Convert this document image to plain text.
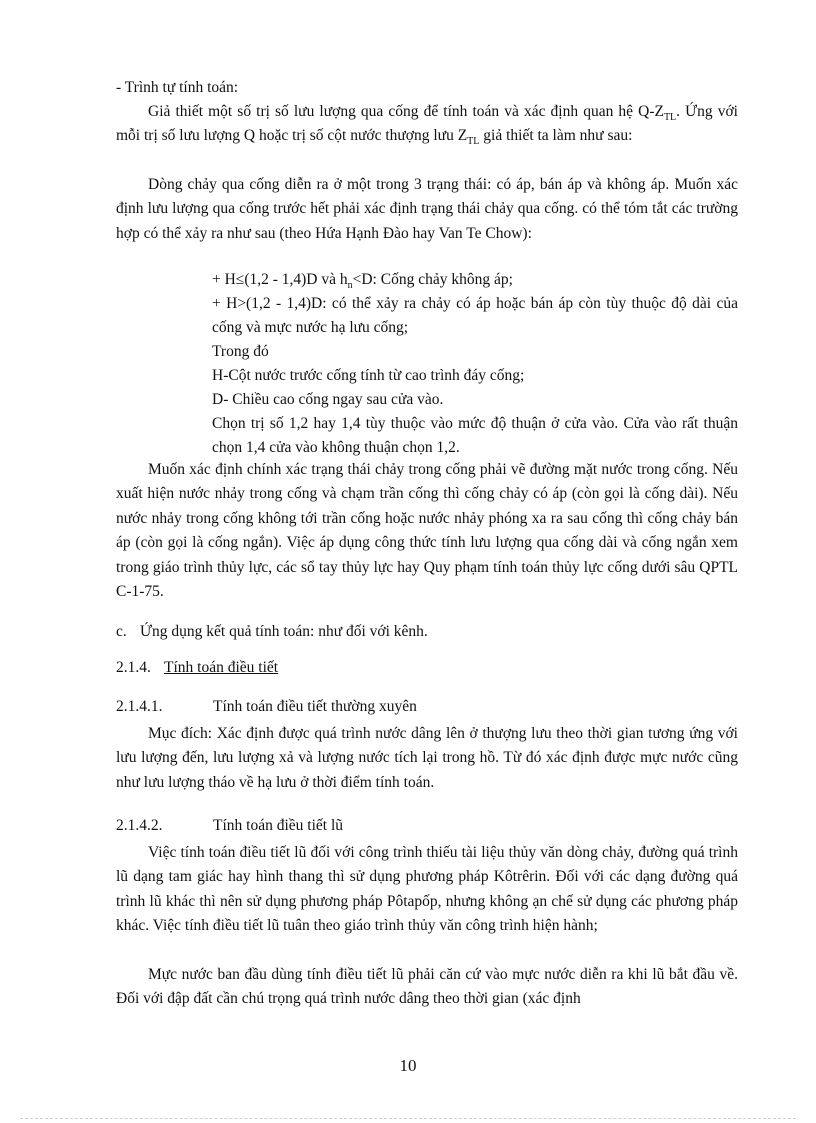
- Trình tự tính toán:
Giả thiết một số trị số lưu lượng qua cống để tính toán và xác định quan hệ $Q-Z_{TL}$. Ứng với mỗi trị số lưu lượng Q hoặc trị số cột nước thượng lưu $Z_{TL}$ giả thiết ta làm như sau:
Dòng chảy qua cống diễn ra ở một trong 3 trạng thái: có áp, bán áp và không áp. Muốn xác định lưu lượng qua cống trước hết phải xác định trạng thái chảy qua cống. có thể tóm tắt các trường hợp có thể xảy ra như sau (theo Hứa Hạnh Đào hay Van Te Chow):
+ H≤(1,2 - 1,4)D và $h_n<D$: Cống chảy không áp;
+ H>(1,2 - 1,4)D: có thể xảy ra chảy có áp hoặc bán áp còn tùy thuộc độ dài của cống và mực nước hạ lưu cống;
Trong đó
H-Cột nước trước cống tính từ cao trình đáy cống;
D- Chiều cao cống ngay sau cửa vào.
Chọn trị số 1,2 hay 1,4 tùy thuộc vào mức độ thuận ở cửa vào. Cửa vào rất thuận chọn 1,4 cửa vào không thuận chọn 1,2.
Muốn xác định chính xác trạng thái chảy trong cống phải vẽ đường mặt nước trong cống. Nếu xuất hiện nước nhảy trong cống và chạm trần cống thì cống chảy có áp (còn gọi là cống dài). Nếu nước nhảy trong cống không tới trần cống hoặc nước nhảy phóng xa ra sau cống thì cống chảy bán áp (còn gọi là cống ngắn). Việc áp dụng công thức tính lưu lượng qua cống dài và cống ngắn xem trong giáo trình thủy lực, các sổ tay thủy lực hay Quy phạm tính toán thủy lực cống dưới sâu QPTL C-1-75.
c. Ứng dụng kết quả tính toán: như đối với kênh.
2.1.4. Tính toán điều tiết
2.1.4.1.	Tính toán điều tiết thường xuyên
Mục đích: Xác định được quá trình nước dâng lên ở thượng lưu theo thời gian tương ứng với lưu lượng đến, lưu lượng xả và lượng nước tích lại trong hồ. Từ đó xác định được mực nước cũng như lưu lượng tháo về hạ lưu ở thời điểm tính toán.
2.1.4.2.	Tính toán điều tiết lũ
Việc tính toán điều tiết lũ đối với công trình thiếu tài liệu thủy văn dòng chảy, đường quá trình lũ dạng tam giác hay hình thang thì sử dụng phương pháp Kôtrêrin. Đối với các dạng đường quá trình lũ khác thì nên sử dụng phương pháp Pôtapốp, nhưng không ạn chế sử dụng các phương pháp khác. Việc tính điều tiết lũ tuân theo giáo trình thủy văn công trình hiện hành;
Mực nước ban đầu dùng tính điều tiết lũ phải căn cứ vào mực nước diễn ra khi lũ bắt đầu về. Đối với đập đất cần chú trọng quá trình nước dâng theo thời gian (xác định
10
